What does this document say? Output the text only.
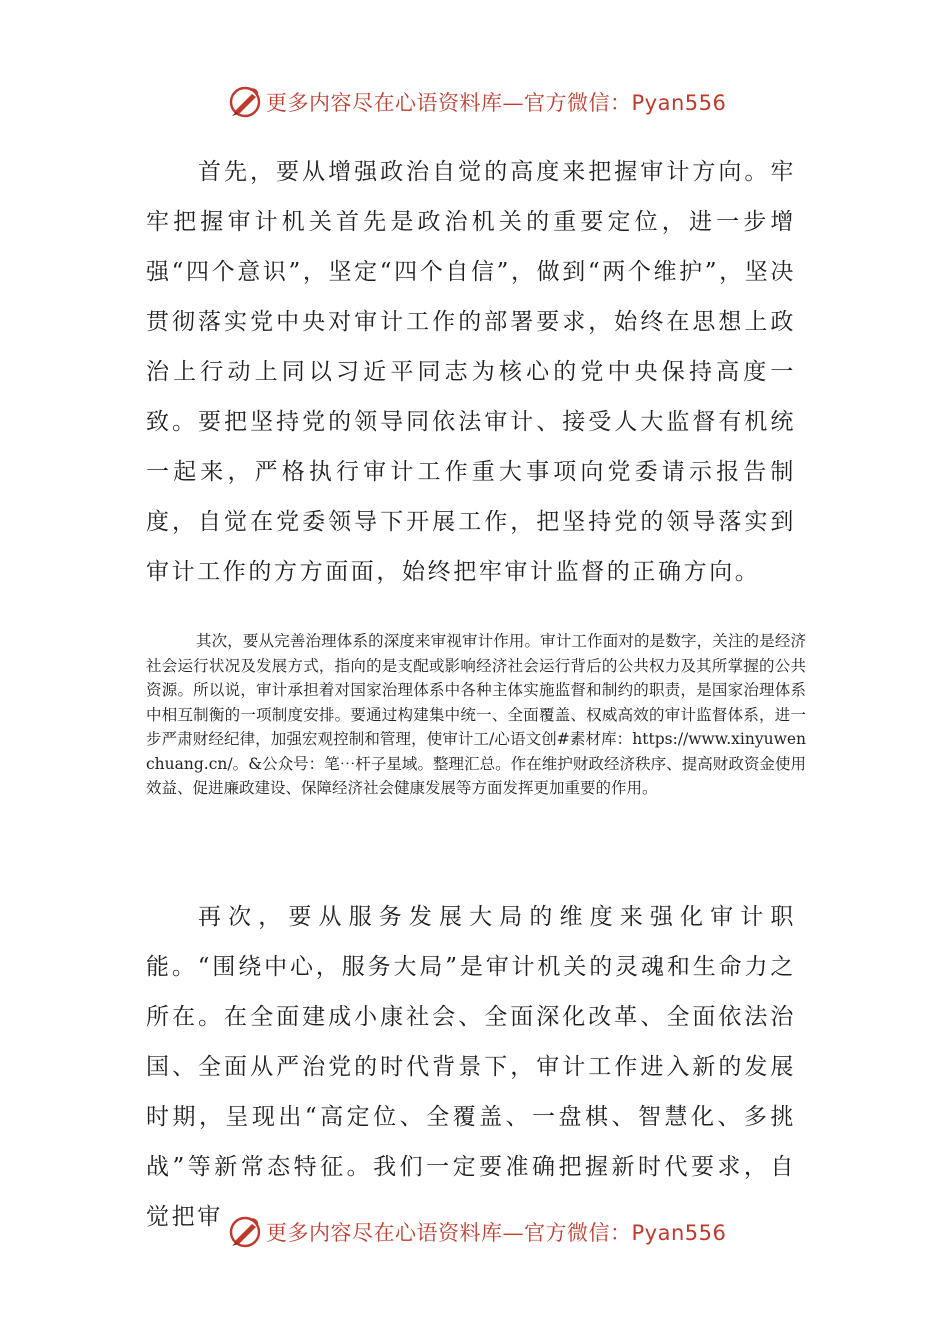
更多内容尽在心语资料库—官方微信：Pyan556

首先，要从增强政治自觉的高度来把握审计方向。牢牢把握审计机关首先是政治机关的重要定位，进一步增强“四个意识”，坚定“四个自信”，做到“两个维护”，坚决贯彻落实党中央对审计工作的部署要求，始终在思想上政治上行动上同以习近平同志为核心的党中央保持高度一致。要把坚持党的领导同依法审计、接受人大监督有机统一起来，严格执行审计工作重大事项向党委请示报告制度，自觉在党委领导下开展工作，把坚持党的领导落实到审计工作的方方面面，始终把牢审计监督的正确方向。

其次，要从完善治理体系的深度来审视审计作用。审计工作面对的是数字，关注的是经济社会运行状况及发展方式，指向的是支配或影响经济社会运行背后的公共权力及其所掌握的公共资源。所以说，审计承担着对国家治理体系中各种主体实施监督和制约的职责，是国家治理体系中相互制衡的一项制度安排。要通过构建集中统一、全面覆盖、权威高效的审计监督体系，进一步严肃财经纪律，加强宏观控制和管理，使审计工/心语文创#素材库：https://www.xinyuwenchuang.cn/。&公众号：笔⋯杆子星域。整理汇总。作在维护财政经济秩序、提高财政资金使用效益、促进廉政建设、保障经济社会健康发展等方面发挥更加重要的作用。

再次，要从服务发展大局的维度来强化审计职能。“围绕中心，服务大局”是审计机关的灵魂和生命力之所在。在全面建成小康社会、全面深化改革、全面依法治国、全面从严治党的时代背景下，审计工作进入新的发展时期，呈现出“高定位、全覆盖、一盘棋、智慧化、多挑战”等新常态特征。我们一定要准确把握新时代要求，自觉把审

更多内容尽在心语资料库—官方微信：Pyan556
